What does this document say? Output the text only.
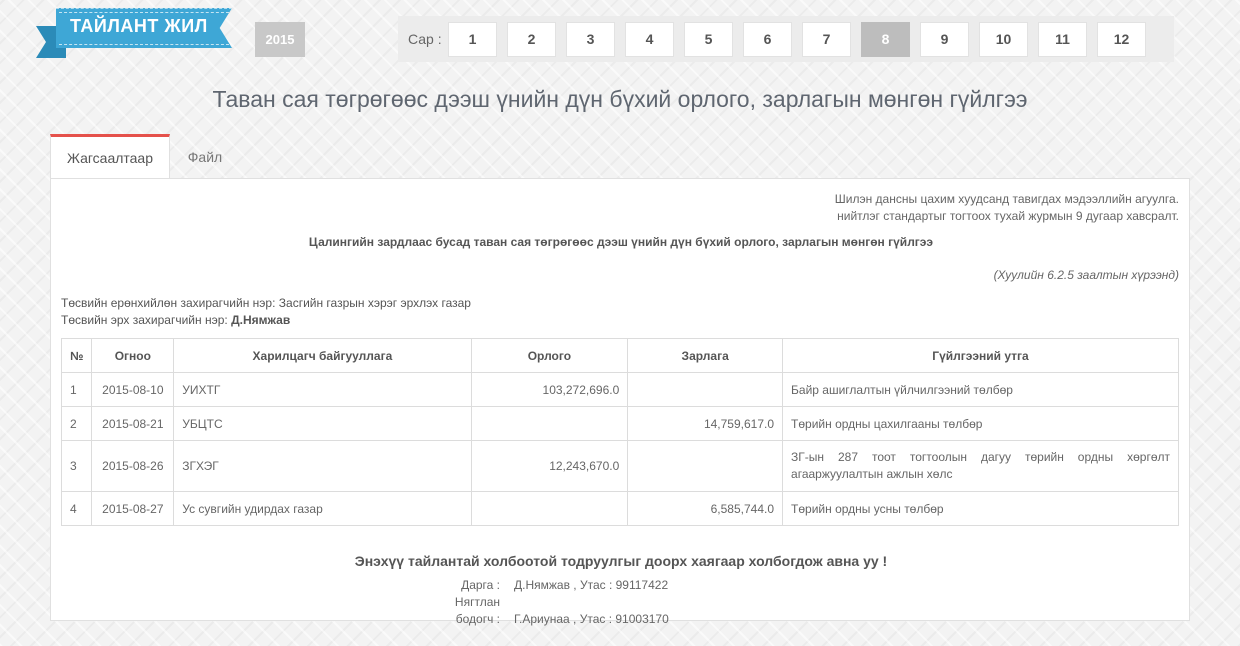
ТАЙЛАНТ ЖИЛ
2015	Сар :	1	2	3	4	5	6	7	8	9	10	11	12
Таван сая төгрөгөөс дээш үнийн дүн бүхий орлого, зарлагын мөнгөн гүйлгээ
Жагсаалтаар	Файл
Шилэн дансны цахим хуудсанд тавигдах мэдээллийн агуулга.
нийтлэг стандартыг тогтоох тухай журмын 9 дугаар хавсралт.
Цалингийн зардлаас бусад таван сая төгрөгөөс дээш үнийн дүн бүхий орлого, зарлагын мөнгөн гүйлгээ
(Хуулийн 6.2.5 заалтын хүрээнд)
Төсвийн ерөнхийлөн захирагчийн нэр: Засгийн газрын хэрэг эрхлэх газар
Төсвийн эрх захирагчийн нэр: Д.Нямжав
№	Огноо	Харилцагч байгууллага	Орлого	Зарлага	Гүйлгээний утга
1	2015-08-10	УИХТГ	103,272,696.0		Байр ашиглалтын үйлчилгээний төлбөр
2	2015-08-21	УБЦТС		14,759,617.0	Төрийн ордны цахилгааны төлбөр
3	2015-08-26	ЗГХЭГ	12,243,670.0		ЗГ-ын 287 тоот тогтоолын дагуу төрийн ордны хөргөлт агааржуулалтын ажлын хөлс
4	2015-08-27	Ус сувгийн удирдах газар		6,585,744.0	Төрийн ордны усны төлбөр
Энэхүү тайлантай холбоотой тодруулгыг доорх хаягаар холбогдож авна уу !
Дарга : Д.Нямжав , Утас : 99117422
Нягтлан бодогч : Г.Ариунаа , Утас : 91003170
